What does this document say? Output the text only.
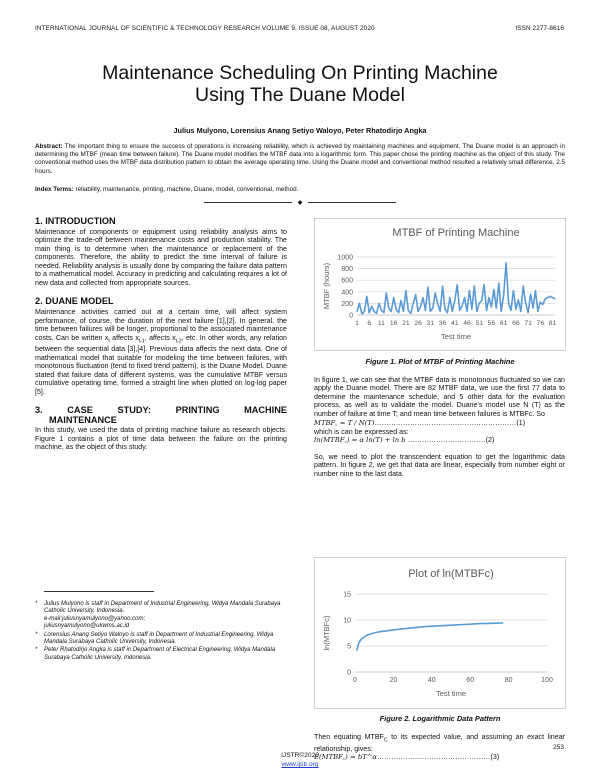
INTERNATIONAL JOURNAL OF SCIENTIFIC & TECHNOLOGY RESEARCH VOLUME 9, ISSUE 08, AUGUST 2020	ISSN 2277-8616
Maintenance Scheduling On Printing Machine
Using The Duane Model
Julius Mulyono, Lorensius Anang Setiyo Waloyo, Peter Rhatodirjo Angka
Abstract: The important thing to ensure the success of operations is increasing reliability, which is achieved by maintaining machines and equipment. The Duane model is an approach in determining the MTBF (mean time between failure). The Duane model modifies the MTBF data into a logarithmic form. This paper chose the printing machine as the object of this study. The conventional method uses the MTBF data distribution pattern to obtain the average operating time. Using the Duane model and conventional method resulted a relatively small difference, 2.5 hours.
Index Terms: reliability, maintenance, printing, machine, Duane, model, conventional, method.
◆
1. INTRODUCTION

Maintenance of components or equipment using reliability analysis aims to optimize the trade-off between maintenance costs and production stability. The main thing is to determine when the maintenance or replacement of the components. Therefore, the ability to predict the time interval of failure is needed. Reliability analysis is usually done by comparing the failure data pattern to a mathematical model. Accuracy in predicting and calculating requires a lot of new data and collected from appropriate sources.

2. DUANE MODEL

Maintenance activities carried out at a certain time, will affect system performance, of course, the duration of the next failure [1],[2]. In general, the time between failures will be longer, proportional to the associated maintenance costs. Can be written $x_t$ affects $x_{t-1}$, affects $x_{t-2}$, etc. In other words, any relation between the sequential data [3],[4]. Previous data affects the next data. One of mathematical model that suitable for modeling the time between failures, with monotonous fluctuation (tend to fixed trend pattern), is the Duane Model. Duane stated that failure data of different systems, was the cumulative MTBF versus cumulative operating time, formed a straight line when plotted on log-log paper [5].

3. CASE STUDY: PRINTING MACHINE
MAINTENANCE

In this study, we used the data of printing machine failure as research objects. Figure 1 contains a plot of time data between the failure on the printing machine, as the object of this study.

* Julius Mulyono is staff in Department of Industrial Engineering, Widya Mandala Surabaya Catholic University, Indonesia.
e-mail:juliusnyamulyono@yahoo.com;
juliusnyamulyono@ukwms.ac.id
* Lorensius Anang Setiyo Waloyo is staff in Department of Industrial Engineering, Widya Mandala Surabaya Catholic University, Indonesia.
* Peter Rhatodirjo Angka is staff in Department of Electrical Engineering, Widya Mandala Surabaya Catholic University, Indonesia.
MTBF of Printing Machine
0
200
400
600
800
1000
1 6 11 16 21 26 31 36 41 46 51 56 61 66 71 76 81
Test time
MTBF (hours)
Figure 1. Plot of MTBF of Printing Machine

In figure 1, we can see that the MTBF data is monotonous fluctuated so we can apply the Duane model. There are 82 MTBF data, we use the first 77 data to determine the maintenance schedule, and 5 other data for the evaluation process, as well as to validate the model. Duane's model use N (T) as the number of failure at time T; and mean time between failures is MTBFc. So

MTBF꜀ = T / N(T)……………………………………………………(1)

which is can be expressed as:

ln(MTBF꜀) = α ln(T) + ln b ……………………………(2)

So, we need to plot the transcendent equation to get the logarithmic data pattern. In figure 2, we get that data are linear, especially from number eight or number nine to the last data.

Plot of ln(MTBFc)
0
5
10
15
0	20	40	60	80	100
Test time
ln(MTBFc)
Figure 2. Logarithmic Data Pattern

Then equating $MTBF_C$ to its expected value, and assuming an exact linear relationship, gives:

E(MTBF꜀) = bT^α…………………………………………(3)
IJSTR©2020
www.ijstr.org
253
